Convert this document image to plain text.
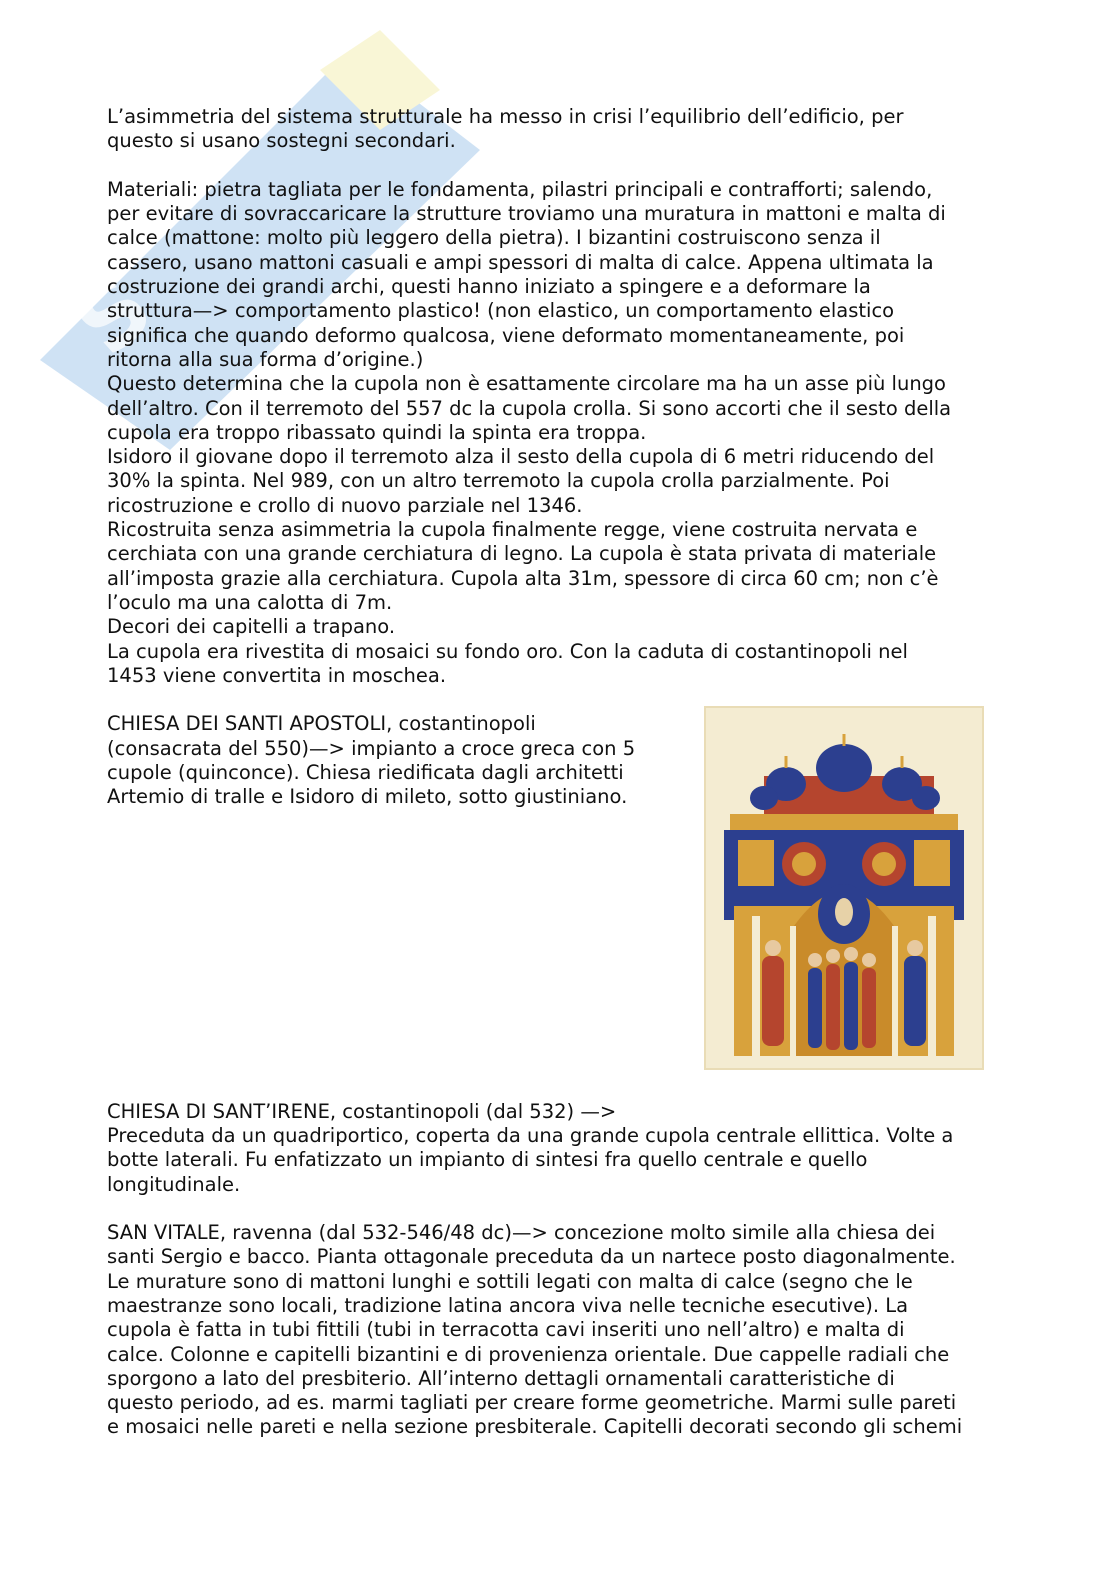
S
L’asimmetria del sistema strutturale ha messo in crisi l’equilibrio dell’edificio, per
questo si usano sostegni secondari.
Materiali: pietra tagliata per le fondamenta, pilastri principali e contrafforti; salendo,
per evitare di sovraccaricare la strutture troviamo una muratura in mattoni e malta di
calce (mattone: molto più leggero della pietra). I bizantini costruiscono senza il
cassero, usano mattoni casuali e ampi spessori di malta di calce. Appena ultimata la
costruzione dei grandi archi, questi hanno iniziato a spingere e a deformare la
struttura—> comportamento plastico! (non elastico, un comportamento elastico
significa che quando deformo qualcosa, viene deformato momentaneamente, poi
ritorna alla sua forma d’origine.)
Questo determina che la cupola non è esattamente circolare ma ha un asse più lungo
dell’altro. Con il terremoto del 557 dc la cupola crolla. Si sono accorti che il sesto della
cupola era troppo ribassato quindi la spinta era troppa.
Isidoro il giovane dopo il terremoto alza il sesto della cupola di 6 metri riducendo del
30% la spinta. Nel 989, con un altro terremoto la cupola crolla parzialmente. Poi
ricostruzione e crollo di nuovo parziale nel 1346.
Ricostruita senza asimmetria la cupola finalmente regge, viene costruita nervata e
cerchiata con una grande cerchiatura di legno. La cupola è stata privata di materiale
all’imposta grazie alla cerchiatura. Cupola alta 31m, spessore di circa 60 cm; non c’è
l’oculo ma una calotta di 7m.
Decori dei capitelli a trapano.
La cupola era rivestita di mosaici su fondo oro. Con la caduta di costantinopoli nel
1453 viene convertita in moschea.
CHIESA DEI SANTI APOSTOLI, costantinopoli
(consacrata del 550)—> impianto a croce greca con 5
cupole (quinconce). Chiesa riedificata dagli architetti
Artemio di tralle e Isidoro di mileto, sotto giustiniano.
CHIESA DI SANT’IRENE, costantinopoli (dal 532) —>
Preceduta da un quadriportico, coperta da una grande cupola centrale ellittica. Volte a
botte laterali. Fu enfatizzato un impianto di sintesi fra quello centrale e quello
longitudinale.
SAN VITALE, ravenna (dal 532-546/48 dc)—> concezione molto simile alla chiesa dei
santi Sergio e bacco. Pianta ottagonale preceduta da un nartece posto diagonalmente.
Le murature sono di mattoni lunghi e sottili legati con malta di calce (segno che le
maestranze sono locali, tradizione latina ancora viva nelle tecniche esecutive). La
cupola è fatta in tubi fittili (tubi in terracotta cavi inseriti uno nell’altro) e malta di
calce. Colonne e capitelli bizantini e di provenienza orientale. Due cappelle radiali che
sporgono a lato del presbiterio. All’interno dettagli ornamentali caratteristiche di
questo periodo, ad es. marmi tagliati per creare forme geometriche. Marmi sulle pareti
e mosaici nelle pareti e nella sezione presbiterale. Capitelli decorati secondo gli schemi
